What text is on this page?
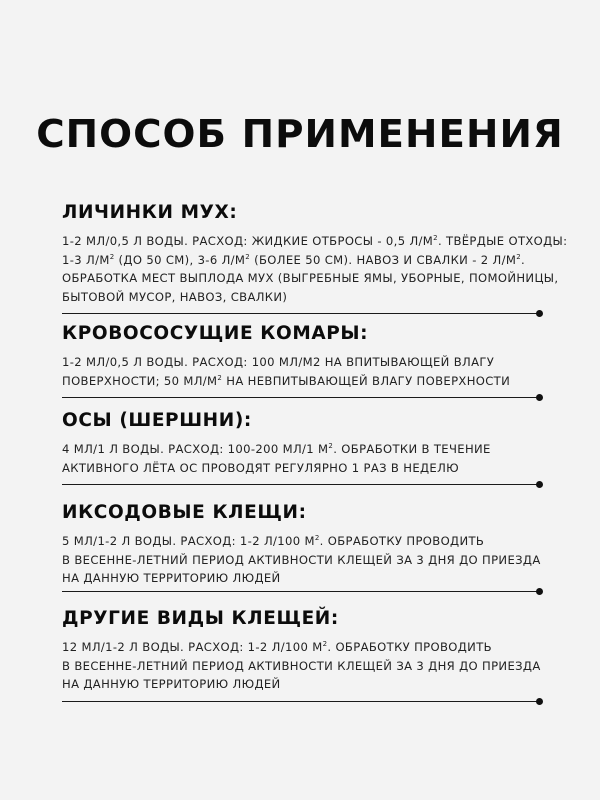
СПОСОБ ПРИМЕНЕНИЯ
ЛИЧИНКИ МУХ:
1-2 МЛ/0,5 Л ВОДЫ. РАСХОД: ЖИДКИЕ ОТБРОСЫ - 0,5 $Л/М^2$. ТВЁРДЫЕ ОТХОДЫ:
1-3 $Л/М^2$ (ДО 50 СМ), 3-6 $Л/М^2$ (БОЛЕЕ 50 СМ). НАВОЗ И СВАЛКИ - 2 $Л/М^2$.
ОБРАБОТКА МЕСТ ВЫПЛОДА МУХ (ВЫГРЕБНЫЕ ЯМЫ, УБОРНЫЕ, ПОМОЙНИЦЫ,
БЫТОВОЙ МУСОР, НАВОЗ, СВАЛКИ)
КРОВОСОСУЩИЕ КОМАРЫ:
1-2 МЛ/0,5 Л ВОДЫ. РАСХОД: 100 МЛ/М2 НА ВПИТЫВАЮЩЕЙ ВЛАГУ
ПОВЕРХНОСТИ; 50 $МЛ/М^2$ НА НЕВПИТЫВАЮЩЕЙ ВЛАГУ ПОВЕРХНОСТИ
ОСЫ (ШЕРШНИ):
4 МЛ/1 Л ВОДЫ. РАСХОД: 100-200 МЛ/1 $М^2$. ОБРАБОТКИ В ТЕЧЕНИЕ
АКТИВНОГО ЛЁТА ОС ПРОВОДЯТ РЕГУЛЯРНО 1 РАЗ В НЕДЕЛЮ
ИКСОДОВЫЕ КЛЕЩИ:
5 МЛ/1-2 Л ВОДЫ. РАСХОД: 1-2 Л/100 $М^2$. ОБРАБОТКУ ПРОВОДИТЬ
В ВЕСЕННЕ-ЛЕТНИЙ ПЕРИОД АКТИВНОСТИ КЛЕЩЕЙ ЗА 3 ДНЯ ДО ПРИЕЗДА
НА ДАННУЮ ТЕРРИТОРИЮ ЛЮДЕЙ
ДРУГИЕ ВИДЫ КЛЕЩЕЙ:
12 МЛ/1-2 Л ВОДЫ. РАСХОД: 1-2 Л/100 $М^2$. ОБРАБОТКУ ПРОВОДИТЬ
В ВЕСЕННЕ-ЛЕТНИЙ ПЕРИОД АКТИВНОСТИ КЛЕЩЕЙ ЗА 3 ДНЯ ДО ПРИЕЗДА
НА ДАННУЮ ТЕРРИТОРИЮ ЛЮДЕЙ
